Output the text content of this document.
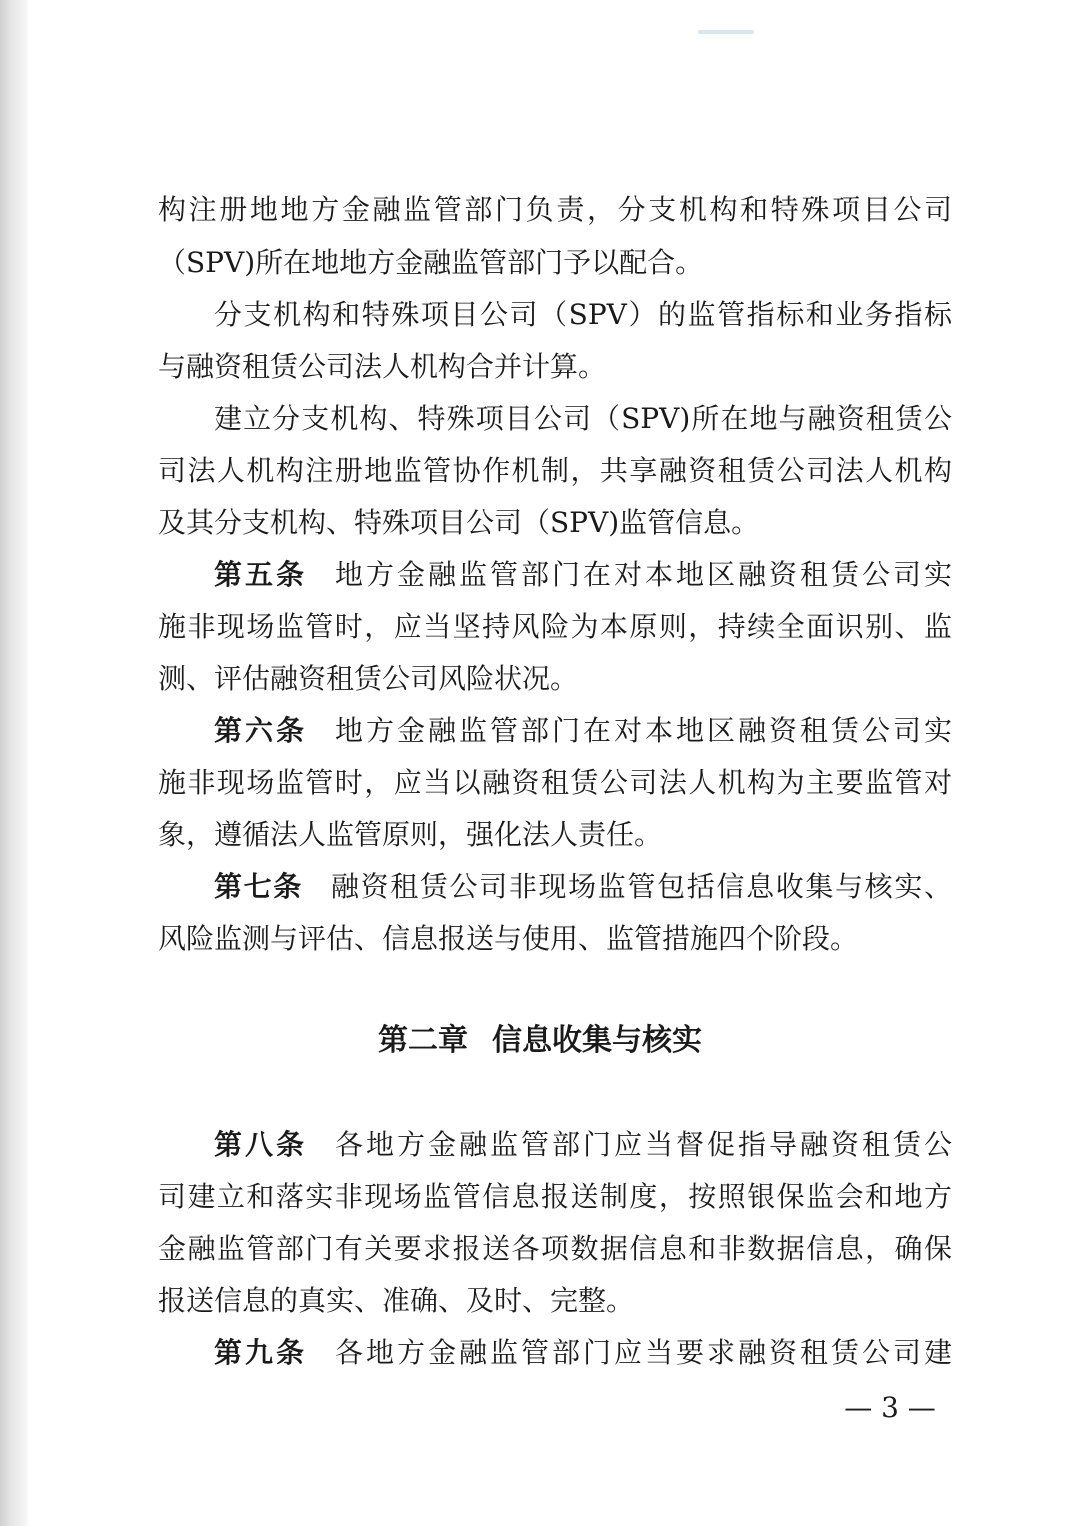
构注册地地方金融监管部门负责，分支机构和特殊项目公司
（SPV)所在地地方金融监管部门予以配合。
分支机构和特殊项目公司（SPV）的监管指标和业务指标
与融资租赁公司法人机构合并计算。
建立分支机构、特殊项目公司（SPV)所在地与融资租赁公
司法人机构注册地监管协作机制，共享融资租赁公司法人机构
及其分支机构、特殊项目公司（SPV)监管信息。
第五条 地方金融监管部门在对本地区融资租赁公司实
施非现场监管时，应当坚持风险为本原则，持续全面识别、监
测、评估融资租赁公司风险状况。
第六条 地方金融监管部门在对本地区融资租赁公司实
施非现场监管时，应当以融资租赁公司法人机构为主要监管对
象，遵循法人监管原则，强化法人责任。
第七条 融资租赁公司非现场监管包括信息收集与核实、
风险监测与评估、信息报送与使用、监管措施四个阶段。
第二章 信息收集与核实
第八条 各地方金融监管部门应当督促指导融资租赁公
司建立和落实非现场监管信息报送制度，按照银保监会和地方
金融监管部门有关要求报送各项数据信息和非数据信息，确保
报送信息的真实、准确、及时、完整。
第九条 各地方金融监管部门应当要求融资租赁公司建
— 3 —
